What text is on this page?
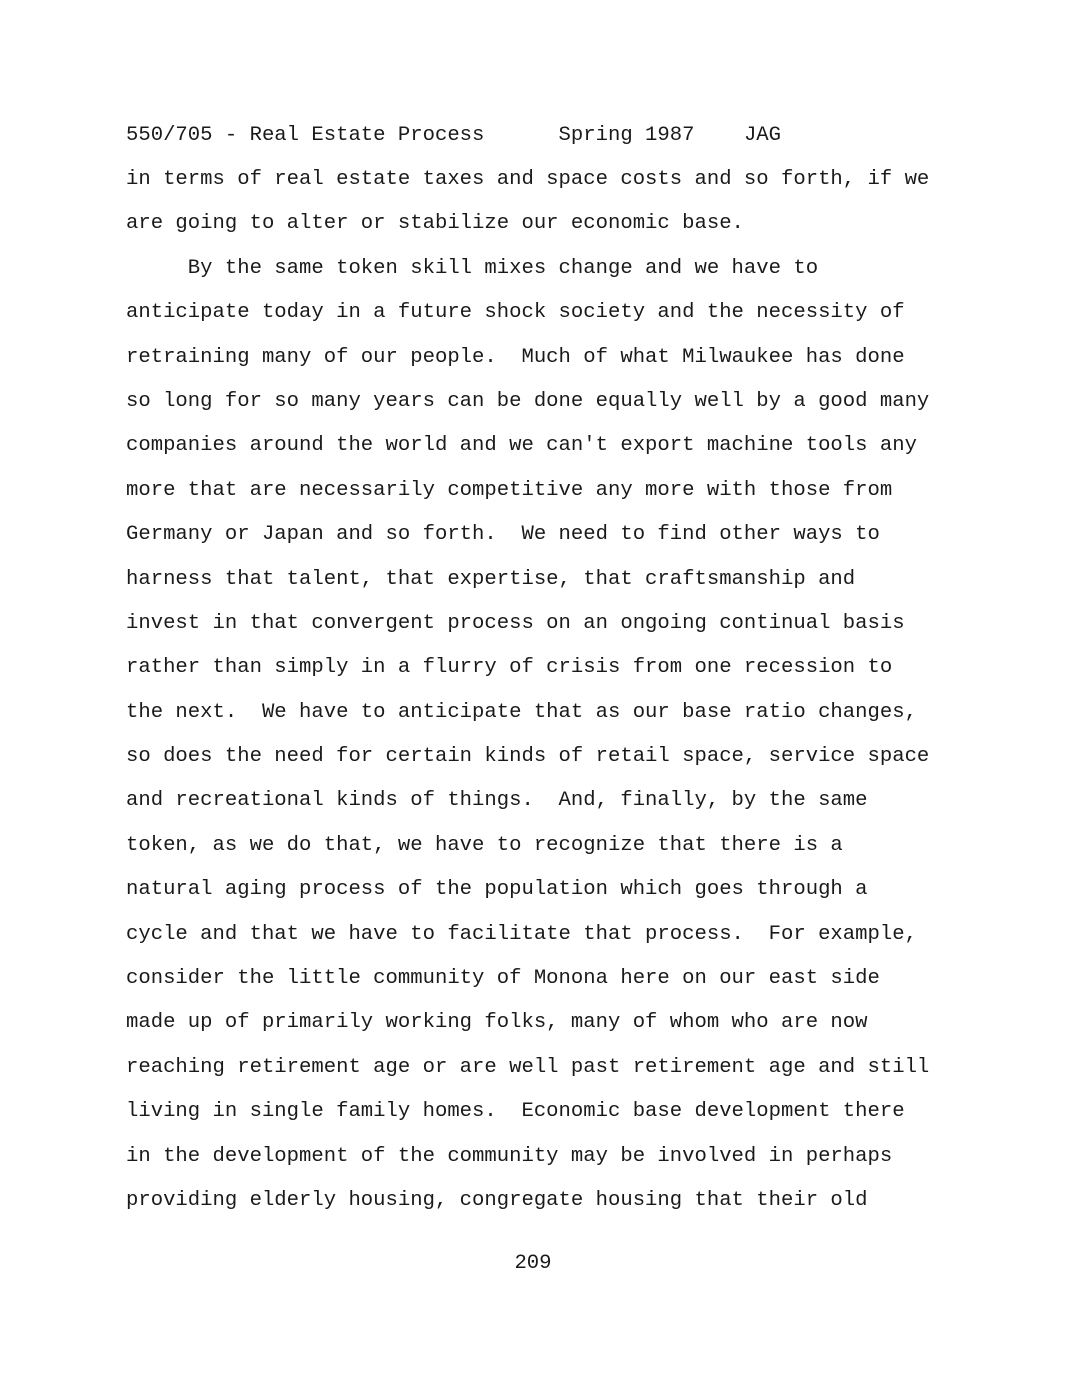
550/705 - Real Estate Process	Spring 1987 JAG
in terms of real estate taxes and space costs and so forth, if we
are going to alter or stabilize our economic base.
By the same token skill mixes change and we have to
anticipate today in a future shock society and the necessity of
retraining many of our people.  Much of what Milwaukee has done
so long for so many years can be done equally well by a good many
companies around the world and we can't export machine tools any
more that are necessarily competitive any more with those from
Germany or Japan and so forth.  We need to find other ways to
harness that talent, that expertise, that craftsmanship and
invest in that convergent process on an ongoing continual basis
rather than simply in a flurry of crisis from one recession to
the next.  We have to anticipate that as our base ratio changes,
so does the need for certain kinds of retail space, service space
and recreational kinds of things.  And, finally, by the same
token, as we do that, we have to recognize that there is a
natural aging process of the population which goes through a
cycle and that we have to facilitate that process.  For example,
consider the little community of Monona here on our east side
made up of primarily working folks, many of whom who are now
reaching retirement age or are well past retirement age and still
living in single family homes.  Economic base development there
in the development of the community may be involved in perhaps
providing elderly housing, congregate housing that their old
209
